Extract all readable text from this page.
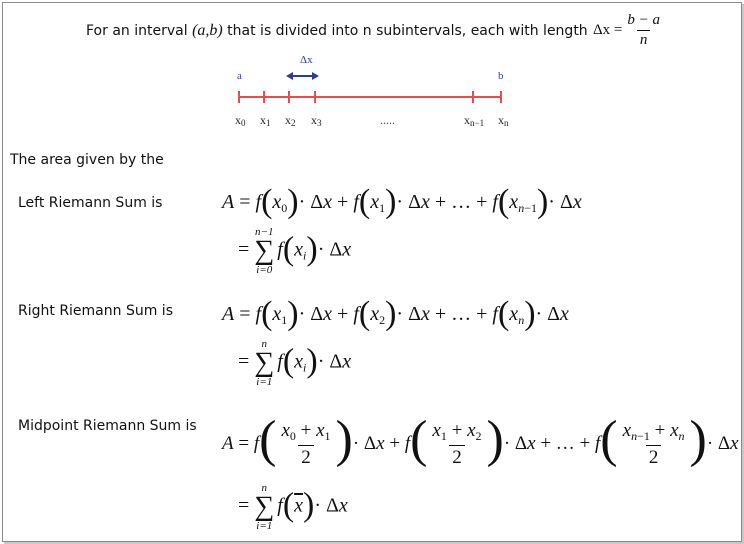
For an interval (a,b) that is divided into n subintervals, each with length $\Delta x = \frac{b - a}{n}$
Δx
a	b
x0 x1 x2 x3	.....	xn−1 xn
The area given by the
Left Riemann Sum is	$A = f(x_0)\cdot \Delta x + f(x_1)\cdot \Delta x$ + … + $f(x_{n-1})\cdot \Delta x$
=
n−1
∑
i=0
$f(x_i)\cdot \Delta x$
Right Riemann Sum is $A = f(x_1)\cdot \Delta x + f(x_2)\cdot \Delta x$ + … + $f(x_n)\cdot \Delta x$
=
n
∑
i=1
$f(x_i)\cdot \Delta x$
Midpoint Riemann Sum is
$A = f( \frac{x_0 + x_1}{2}$ )· $\Delta x + f( \frac{x_1 + x_2}{2}$ )· Δx + … + $f( \frac{x_{n-1} + x_n}{2}$ )· Δx
=
n
∑
i=1
$f(\overline{x})\cdot \Delta x$
